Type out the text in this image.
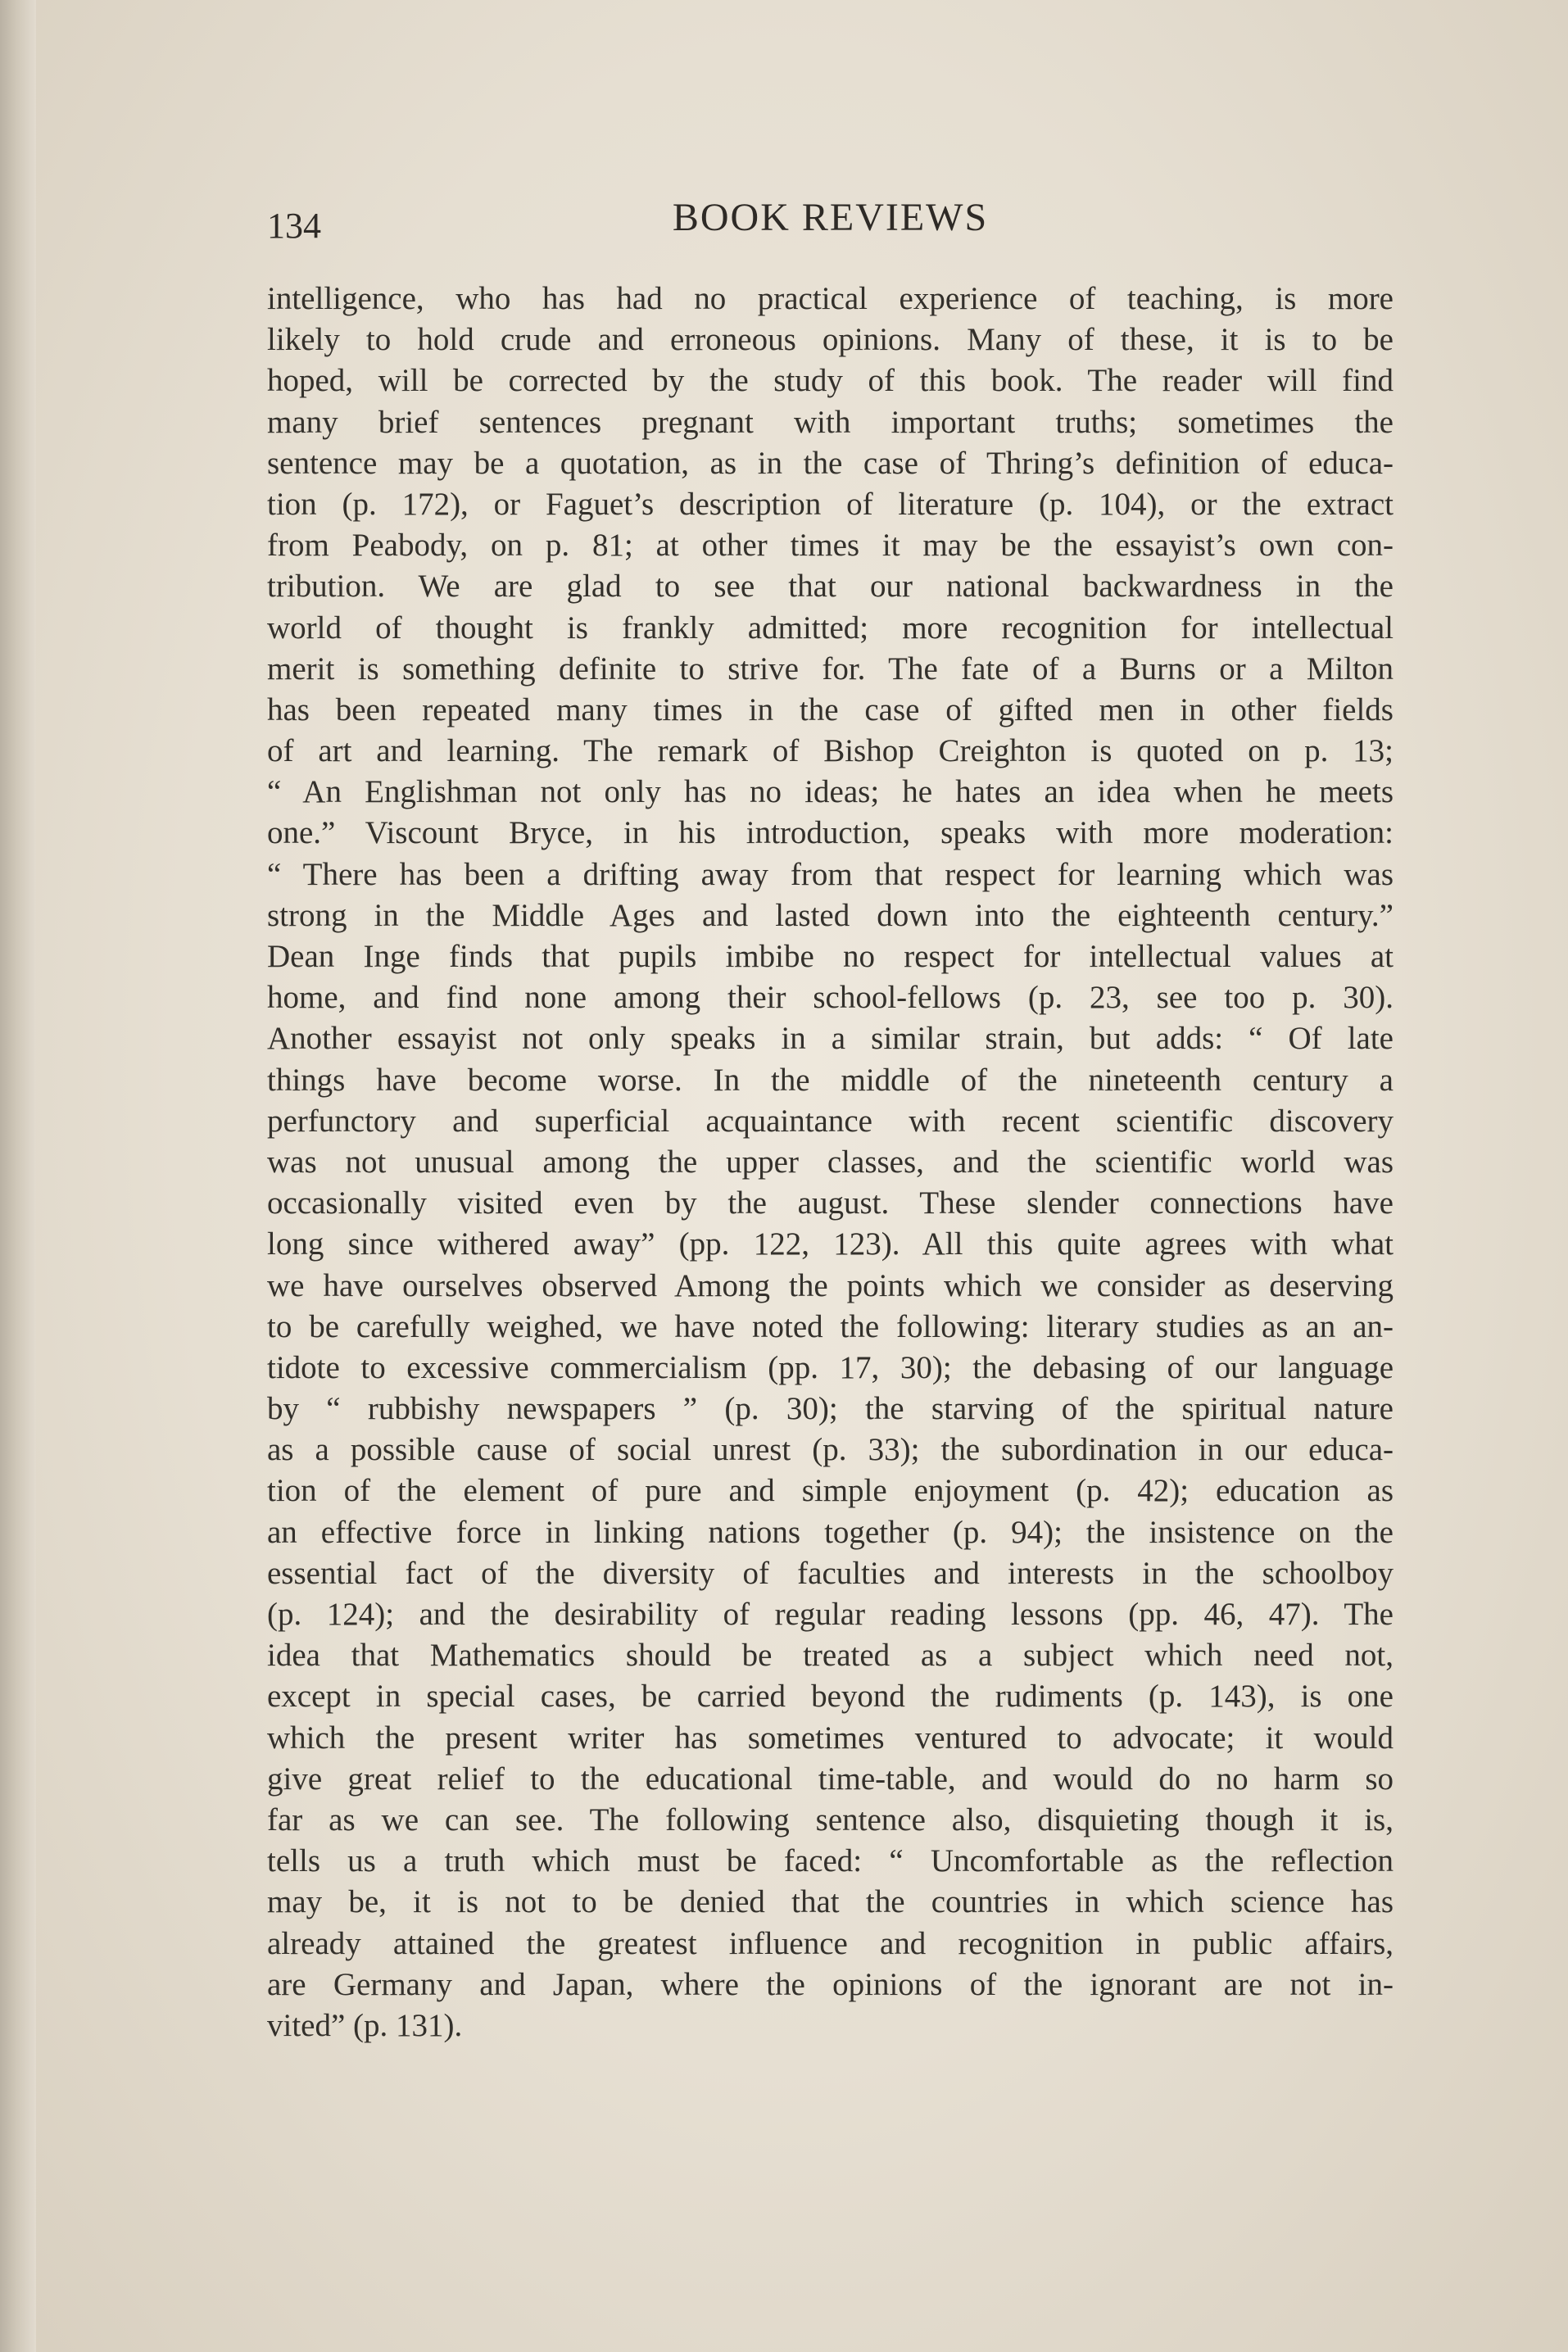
134	BOOK REVIEWS
intelligence, who has had no practical experience of teaching, is more
likely to hold crude and erroneous opinions. Many of these, it is to be
hoped, will be corrected by the study of this book. The reader will find
many brief sentences pregnant with important truths; sometimes the
sentence may be a quotation, as in the case of Thring’s definition of educa-
tion (p. 172), or Faguet’s description of literature (p. 104), or the extract
from Peabody, on p. 81; at other times it may be the essayist’s own con-
tribution. We are glad to see that our national backwardness in the
world of thought is frankly admitted; more recognition for intellectual
merit is something definite to strive for. The fate of a Burns or a Milton
has been repeated many times in the case of gifted men in other fields
of art and learning. The remark of Bishop Creighton is quoted on p. 13;
“ An Englishman not only has no ideas; he hates an idea when he meets
one.” Viscount Bryce, in his introduction, speaks with more moderation:
“ There has been a drifting away from that respect for learning which was
strong in the Middle Ages and lasted down into the eighteenth century.”
Dean Inge finds that pupils imbibe no respect for intellectual values at
home, and find none among their school-fellows (p. 23, see too p. 30).
Another essayist not only speaks in a similar strain, but adds: “ Of late
things have become worse. In the middle of the nineteenth century a
perfunctory and superficial acquaintance with recent scientific discovery
was not unusual among the upper classes, and the scientific world was
occasionally visited even by the august. These slender connections have
long since withered away” (pp. 122, 123). All this quite agrees with what
we have ourselves observed Among the points which we consider as deserving
to be carefully weighed, we have noted the following: literary studies as an an-
tidote to excessive commercialism (pp. 17, 30); the debasing of our language
by “ rubbishy newspapers ” (p. 30); the starving of the spiritual nature
as a possible cause of social unrest (p. 33); the subordination in our educa-
tion of the element of pure and simple enjoyment (p. 42); education as
an effective force in linking nations together (p. 94); the insistence on the
essential fact of the diversity of faculties and interests in the schoolboy
(p. 124); and the desirability of regular reading lessons (pp. 46, 47). The
idea that Mathematics should be treated as a subject which need not,
except in special cases, be carried beyond the rudiments (p. 143), is one
which the present writer has sometimes ventured to advocate; it would
give great relief to the educational time-table, and would do no harm so
far as we can see. The following sentence also, disquieting though it is,
tells us a truth which must be faced: “ Uncomfortable as the reflection
may be, it is not to be denied that the countries in which science has
already attained the greatest influence and recognition in public affairs,
are Germany and Japan, where the opinions of the ignorant are not in-
vited” (p. 131).
